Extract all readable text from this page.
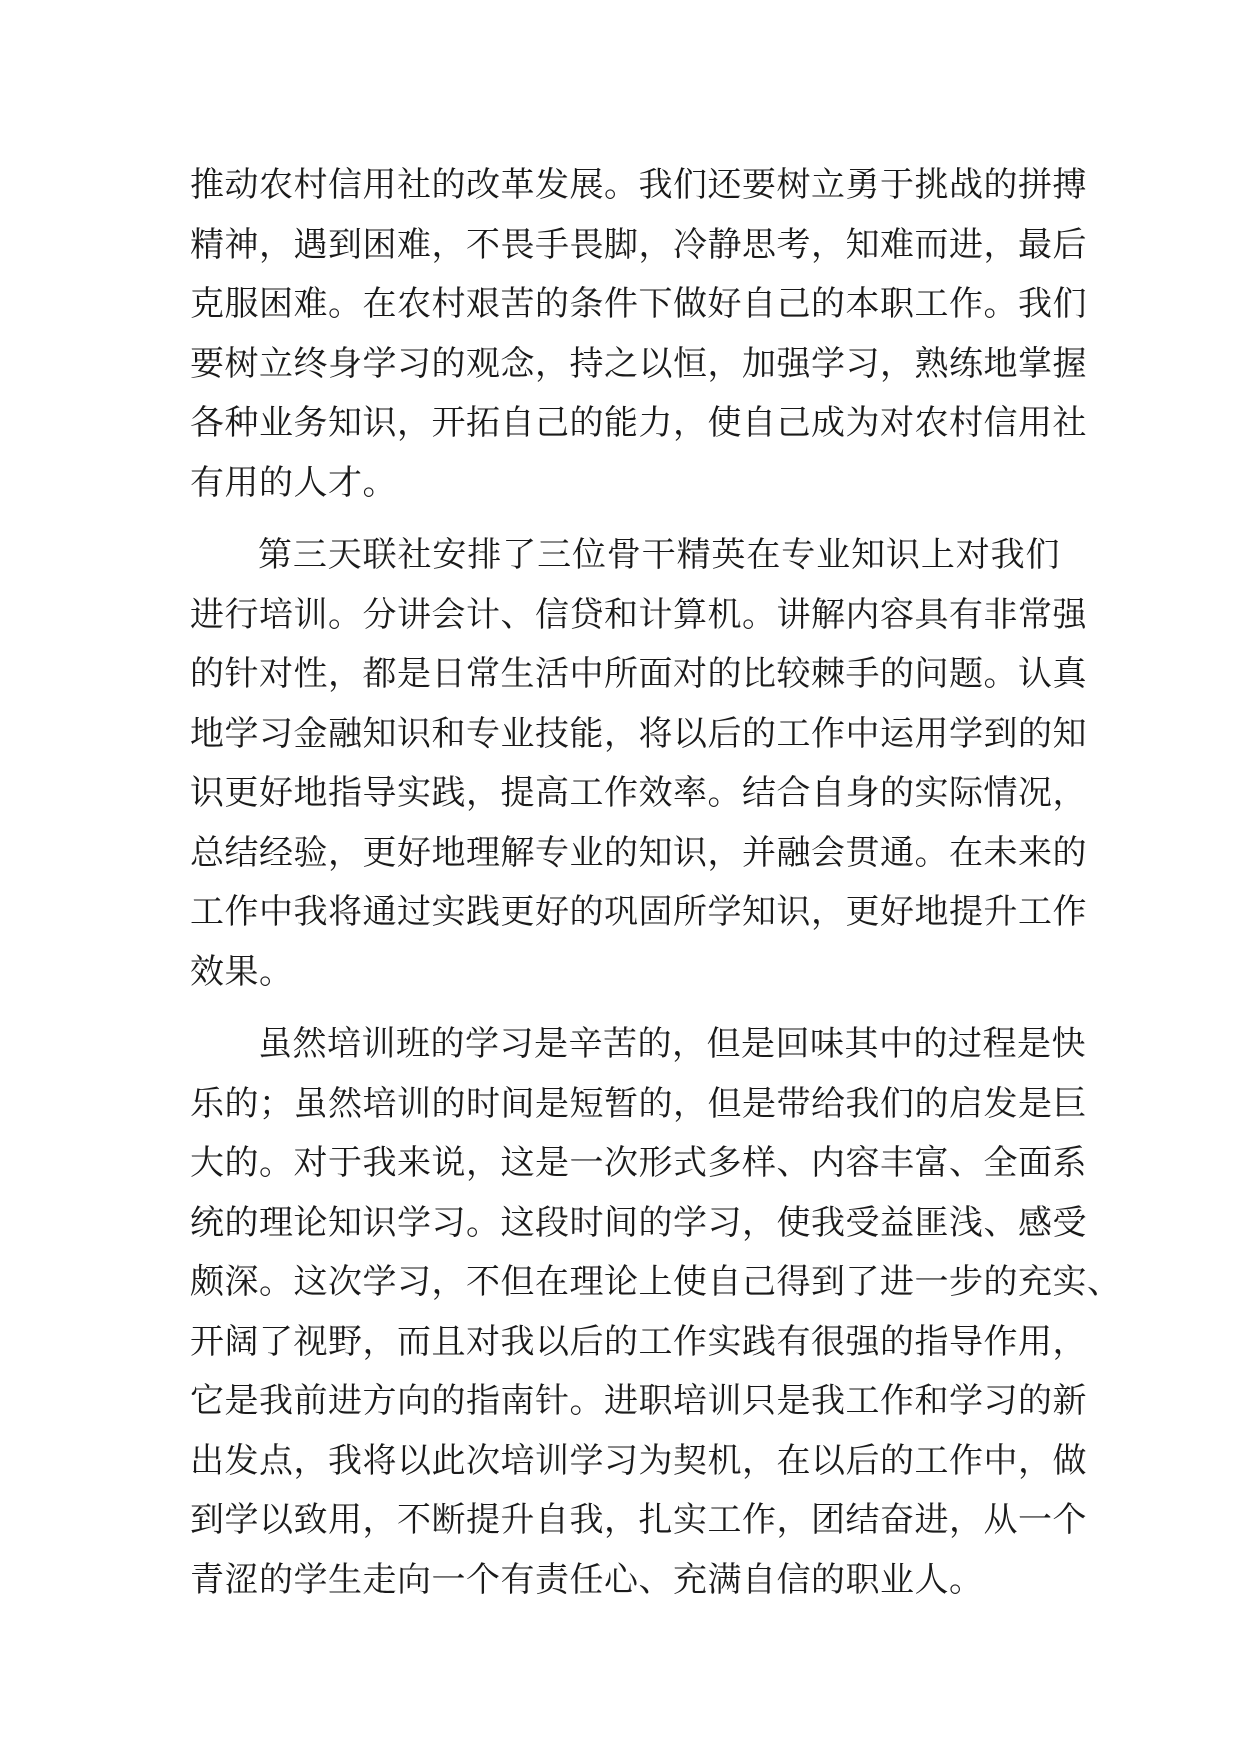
推动农村信用社的改革发展。我们还要树立勇于挑战的拼搏
精神，遇到困难，不畏手畏脚，冷静思考，知难而进，最后
克服困难。在农村艰苦的条件下做好自己的本职工作。我们
要树立终身学习的观念，持之以恒，加强学习，熟练地掌握
各种业务知识，开拓自己的能力，使自己成为对农村信用社
有用的人才。
第三天联社安排了三位骨干精英在专业知识上对我们
进行培训。分讲会计、信贷和计算机。讲解内容具有非常强
的针对性，都是日常生活中所面对的比较棘手的问题。认真
地学习金融知识和专业技能，将以后的工作中运用学到的知
识更好地指导实践，提高工作效率。结合自身的实际情况，
总结经验，更好地理解专业的知识，并融会贯通。在未来的
工作中我将通过实践更好的巩固所学知识，更好地提升工作
效果。
虽然培训班的学习是辛苦的，但是回味其中的过程是快
乐的；虽然培训的时间是短暂的，但是带给我们的启发是巨
大的。对于我来说，这是一次形式多样、内容丰富、全面系
统的理论知识学习。这段时间的学习，使我受益匪浅、感受
颇深。这次学习，不但在理论上使自己得到了进一步的充实、
开阔了视野，而且对我以后的工作实践有很强的指导作用，
它是我前进方向的指南针。进职培训只是我工作和学习的新
出发点，我将以此次培训学习为契机，在以后的工作中，做
到学以致用，不断提升自我，扎实工作，团结奋进，从一个
青涩的学生走向一个有责任心、充满自信的职业人。
